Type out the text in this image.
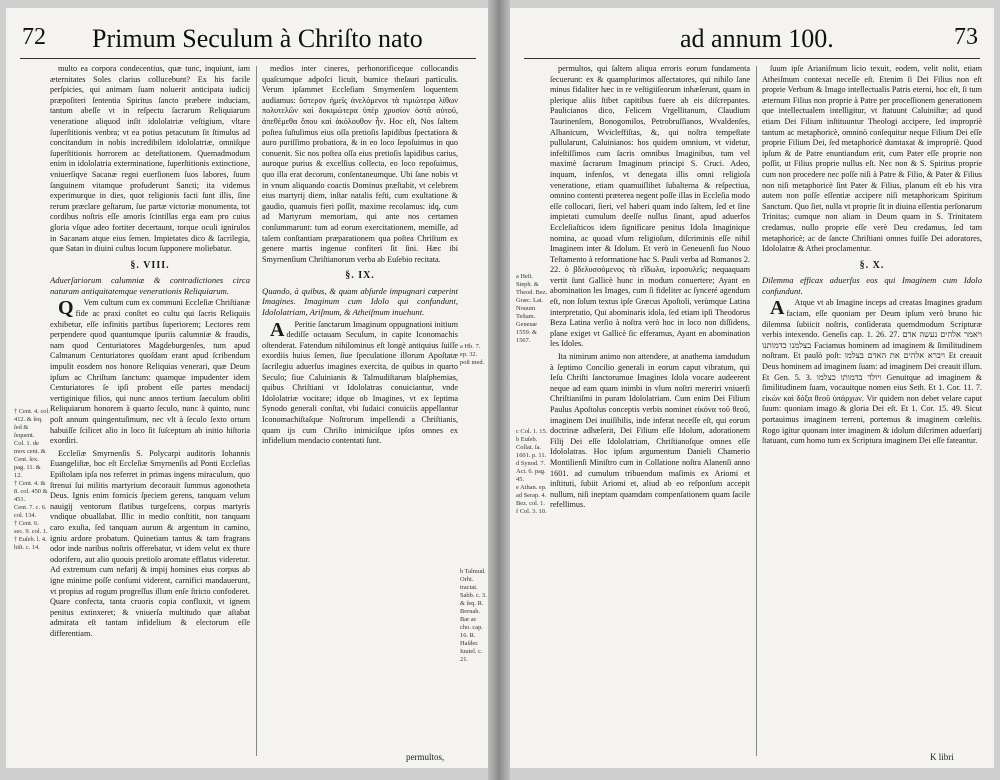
72 Primum Seculum à Chriſto nato
† Cent. 4. col. 412. & ſeq. ſed & ſequent.
Col. 1. de mox ceni. & Cent. ſex. pag. 11. & 12.
† Cent. 4. & 8. col. 450 & 451.
Cent. 7. c. 6. col. 134.
† Cent. 6. sec. 9. col. 1.
† Euſeb. l. 4. hiſt. c. 14.

multo ea corpora condecentius, quæ tunc, inquiunt, iam æternitates Soles clarius collucebunt? Ex his facile perſpicies, qui animam ſuam noluerit anticipata iudicij præpoſiteri ſententia Spiritus ſancto præbere induciam, tantum abeſſe vt in reſpectu ſacrarum Reliquiarum veneratione aliquod inſit idololatriæ veſtigium, vltare ſuperſtitionis venbra; vt ea potius petacutum ſit ſtimulus ad concitandum in nobis incredibilem idololatriæ, omniſque ſuperſtitionis horrorem ac deteſtationem. Quemadmodum enim in idololatria exterminatione, ſuperſtitionis extinctione, vniuerſiqve Sacanæ regni euerſionem ſuos labores, ſuum ſanguinem vitamque profuderunt Sancti; ita videmus experimurque in dies, quot religionis facti ſunt illis, ſine rerum præclare geſtarum, ſue partæ victoriæ monumenta, tot cordibus noſtris eſſe amoris ſcintillas erga eam pro cuius gloria vſque adeo fortiter decertaunt, torque oculi ignirulos in Sacanam atque eius ſemen. Impietates dico & ſacrilegia, quæ Satan in diuini cultus locum ſupponere moliebatur.

§. VIII.

Aduerſariorum calumniæ & contradictiones circa naturam antiquitatemque venerationis Reliquiarum.

Q Vem cultum cum ex communi Eccleſiæ Chriſtianæ fide ac praxi conſtet eo cultu qui ſacris Reliquiis exhibetur, eſſe infinitis partibus ſuperiorem; Lectores rem perpendere quod quantumque ſpuriis calumniæ & fraudis, nam quod Centuriatores Magdeburgenſes, tum apud Calmanum Centuriatores quoſdam erant apud ſcribendum impulit eosdem nos honore Reliquias venerari, quæ Deum ipſum ac Chriſtum ſanctum: quamque impudenter idem Centuriatores ſe ipſi probent eſſe partes mendacij vertiginique filios, qui nunc annos tertium ſaeculum obliti Reliquiarum honorem à quarto ſeculo, nunc à quinto, nunc poſt annum quingentuſimum, nec vlt à ſeculo ſexto ortum habuiſſe ſcilicet alio in loco ſit ſuſceptum ab initio hiſtoria exordiri.

Eccleſiæ Smyrnenſis S. Polycarpi auditoris Iohannis Euangeliſtæ, hoc eſt Eccleſiæ Smyrnenſis ad Ponti Eccleſias Epiſtolam ipſa nos referret in primas ingens miraculum, quo ſtrenui ſui militis martyrium decorauit ſummus agonotheta Deus. Ignis enim fornicis ſpeciem gerens, tanquam velum nauigij ventorum flatibus turgeſcens, corpus martyris vndique obuallabat. Illic in medio conſtitit, non tanquam caro exuſta, ſed tanquam aurum & argentum in camino, igniu ardore probatum. Quinetiam tantus & tam fragrans odor inde naribus noſtris offerebatur, vt idem velut ex thure odorifero, aut alio quouis pretioſo aromate efflatus videretur. Ad extremum cum nefarij & impij homines eius corpus ab igne minime poſſe conſumi viderent, carnifici mandauerunt, vt propius ad rogum progreſſus illum enſe ſtricto confoderet. Quare confecta, tanta cruoris copia confluxit, vt ignem penitus extinxeret; & vniuerſa multitudo quæ aſtabat admirata eſt tantam infidelium & electorum eſſe differentiam.

medios inter cineres, perhonorificeque collocandis quaſcumque adpoſci licuit, bumice theſauri partículis. Verum ipſammet Eccleſiam Smyrnenſem loquentem audiamus: ὕστερον ἡμεῖς ἀνελόμενοι τὰ τιμιώτερα λίθων πολυτελῶν καὶ δοκιμώτερα ὑπὲρ χρυσίον ὀστᾶ αὐτοῦ, ἀπεθέμεθα ὅπου καὶ ἀκόλουθον ἦν. Hoc eſt, Nos ſaltem poſtea ſuſtulimus eius oſſa pretioſis lapidibus ſpectatiora & auro puriſſimo probatiora, & in eo loco ſepoſuimus in quo conuenit. Sic nos poſtea oſſa eius pretioſis lapidibus carius, auroque purius & excelſius collecta, eo loco repoſuimus, quo illa erat decorum, conſentaneumque. Ubi ſane nobis vt in vnum aliquando coactis Dominus præſtabit, vt celebrem eius martyrij diem, inſtar natalis feſti, cum exultatione & gaudio, quamuis fieri poſſit, maxime recolamus: idq, cum ad Martyrum memoriam, qui ante nos certamen conſummarunt: tum ad eorum exercitationem, memiſſe, ad talem conſtantiam præparationem qua poſtea Chriſtum ex genere martis ingenue confiteri ſit ſini. Hæc ibi Smyrnenſium Chriſtianorum verba ab Euſebio recitata.

§. IX.

Quando, à quibus, & quam abſurde impugnari cœperint Imagines. Imaginum cum Idolo qui confundunt, Idololatriam, Ariſmum, & Atheiſmum inuehunt.

A Peritie ſanctarum Imaginum oppugnationi initium dediſſe octauam Seculum, in capite Iconomachis oſtenderat. Fatendum nihilominus eſt longè antiquius ſuiſſe exordiis huius ſemen, ſiue ſpeculatione illorum Apoſtatæ ſacrilegiu aduerſus imagines exercita, de quibus in quarto Seculo; ſiue Caluinianis & Talmudiſtarum blaſphemias, quibus Chriſtiani vt Idololatras conuiciantur, vnde Idololatriæ vocitare; idque ob Imagines, vt ex ſeptima Synodo generali conſtat, vbi ſudaici conuiciis appellantur Iconomachiſtaſque Noſtrorum impellendi a Chriſtianis, quam ijs cum Chriſto inimiciſque ipſos omnes ex infidelium mendacio contentati ſunt.

a Hb. 7. ep. 32. poſt med.
b Talmud. Orhi. tractat. Sabb. c. 3. & ſeq. R. Beruah. Bar ac cho. cap. 16. R. Haſder. Iuuiel. c. 21.
permultos,
ad annum 100.	73
a Heſt. Steph. & Theod. Bez. Græc. Lat. Nouum Teſtam. Geneuæ 1559. & 1567.
c Col. 1. 15.
b Euſeb. Collat. ſa. 1601. p. 11.
d Synod. 7. Act. 6. pag. 45.
e Athan. ep. ad Serap. 4. Bez. col. 1.
f Col. 3. 10.

permultos, qui ſaltem aliqua erroris eorum fundamenta ſecuerunt: ex & quamplurimos aſſectatores, qui nihilo ſane minus fidaliter hæc in re veſtigiiſeorum inhæſerunt, quam in plerique aliis ſtibet capitibus fuere ab eis diſcrepantes. Paulicianos dico, Felicem Vrgellitanum, Claudium Taurinenſem, Bonogomilos, Petrobruſſianos, Wvaldenſes, Albanicum, Wvicleffiſtas, &, qui noſtra tempeſtate pullularunt, Caluinianos: hos quidem omnium, vt videtur, infeſtiſſimos cum ſacris omnibus Imaginibus, tum vel maximè ſacrarum Imaginum principi S. Cruci. Adeo, inquam, infenſos, vt denegata illis omni religioſa veneratione, etiam quamuiſlibet ſubalterna & reſpectiua, omnino contenti præterea negent poſſe illas in Eccleſia modo eſſe collocari, ſieri, vel haberi quam indo ſaltem, ſed et ſine impietati cumulum deeſſe nullus ſinant, apud aduerſos Eccleſiaſticos idem ſignificare penitus Idola Imaginique nomina, ac quoad vſum religioſum, diſcriminis eſſe nihil Imaginem inter & Idolum. Et verò in Geneuenſi ſuo Nouo Teſtamento à reformatione hac S. Pauli verba ad Romanos 2. 22. ὁ βδελυσσόμενος τὰ εἴδωλα, ἱεροσυλεῖς; nequaquam vertit ſunt Gallicè hunc in modum conuertere; Ayant en abomination les Images, cum ſi fideliter ac ſynceré agendum eſt, non ſolum textus ipſe Græcus Apoſtoli, verùmque Latina interpretatio, Qui abominaris idola, ſed etiam ipſi Theodorus Beza Latina verſio à noſtra verò hoc in loco non diſſidens, plane exiget vt Gallicè ſic efferamus, Ayant en abomination les Idoles.

Ita nimirum animo non attendere, at anathema iamdudum à ſeptimo Concilio generali in eorum caput vibratum, qui Ieſu Chriſti ſanctorumue Imagines Idola vocare audeerent neque ad eam quam inimbi in vlum noſtri mereriri vniuerſi Chriſtianiſmi in puram Idololatriam. Cum enim Dei Filium Paulus Apoſtolus conceptis verbis nominet εἰκόνα τοῦ θεοῦ, imaginem Dei inuiſibilis, inde inferat neceſſe eſt, qui eorum doctrinæ adhæſerit, Dei Filium eſſe Idolum, adorationem Filij Dei eſſe Idololatriam, Chriſtianoſque omnes eſſe Idololatras. Hoc ipſum argumentum Danieli Chamerio Montilienſi Miniſtro cum in Collatione noſtra Alanenſi anno 1601. ad cumulum tribuendum maſimis ex Ariomi et inſtituti, ſubiit Ariomi et, aliud ab eo reſponſum accepit nullum, niſi ineptam quamdam compenſationem quam ſacile refellimus.

ſuum ipſe Arianiſmum licio texuit, eodem, velit nolit, etiam Atheiſmum contexat neceſſe eſt. Etenim ſi Dei Filius non eſt proprie Verbum & Imago intellectualis Patris eterni, hoc eſt, ſi tum æternum Filius non proprie à Patre per proceſſionem generationem que intellectualem intelligitur, vt ſtatuunt Caluiniſtæ; ad quod etiam Dei Filium inſtituuntur Theologi accipere, ſed impropriè tantum ac metaphoricè, omninò conſequitur neque Filium Dei eſſe proprie Filium Dei, ſed metaphoricè dumtaxat & impropriè. Quod ipſum & de Patre enuntiandum erit, cum Pater eſſe proprie non poſſit, ut Filius proprie nullus eſt. Nec non & S. Spiritus proprie cum non procedere nec poſſe niſi à Patre & Filio, & Pater & Filius non niſi metaphoricè ſint Pater & Filius, planum eſt eb his vtra autem non poſſe eſſentiæ accipere niſi metaphoricam Spiritum Sanctum. Quo ſiet, nulla vt proprie ſit in diuina eſſentia perſonarum Trinitas; cumque non aliam in Deum quam in S. Trinitatem credamus, nullo proprie eſſe verè Deu credamus, ſed tam metaphoricè; ac de ſancte Chriſtiani omnes fuiſſe Dei adoratores, Idololatræ & Athei proclamentur.

§. X.

Dilemma efficax aduerſus eos qui Imaginem cum Idolo confundunt.

A Atque vt ab Imagine inceps ad creatas Imagines gradum faciam, eſſe quoniam per Deum ipſum verò bruno hic dilemma ſubiicit noſtris, conſiderata quemdmodum Scripturæ verbis intexendo. Geneſis cap. 1. 26. 27. ויאמר אלהים נעשה אדם בצלמנו כדמותנו Faciamus hominem ad imaginem & ſimilitudinem noſtram. Et paulò poſt: ויברא אלהים את האדם בצלמו Et creauit Deus hominem ad imaginem ſuam: ad imaginem Dei creauit illum. Et Gen. 5. 3. ויולד בדמותו כצלמו Genuitque ad imaginem & ſimilitudinem ſuam, vocauitque nomen eius Seth. Et 1. Cor. 11. 7. εἰκὼν καὶ δόξα θεοῦ ὑπάρχων. Vir quidem non debet velare caput ſuum: quoniam imago & gloria Dei eſt. Et 1. Cor. 15. 49. Sicut portauimus imaginem terreni, portemus & imaginem cœleſtis. Rogo igitur quonam inter imaginem & idolum diſcrimen aduerſarij ſtatuant, cum homo tum ex Scriptura imaginem Dei eſſe fateantur.

K libri
